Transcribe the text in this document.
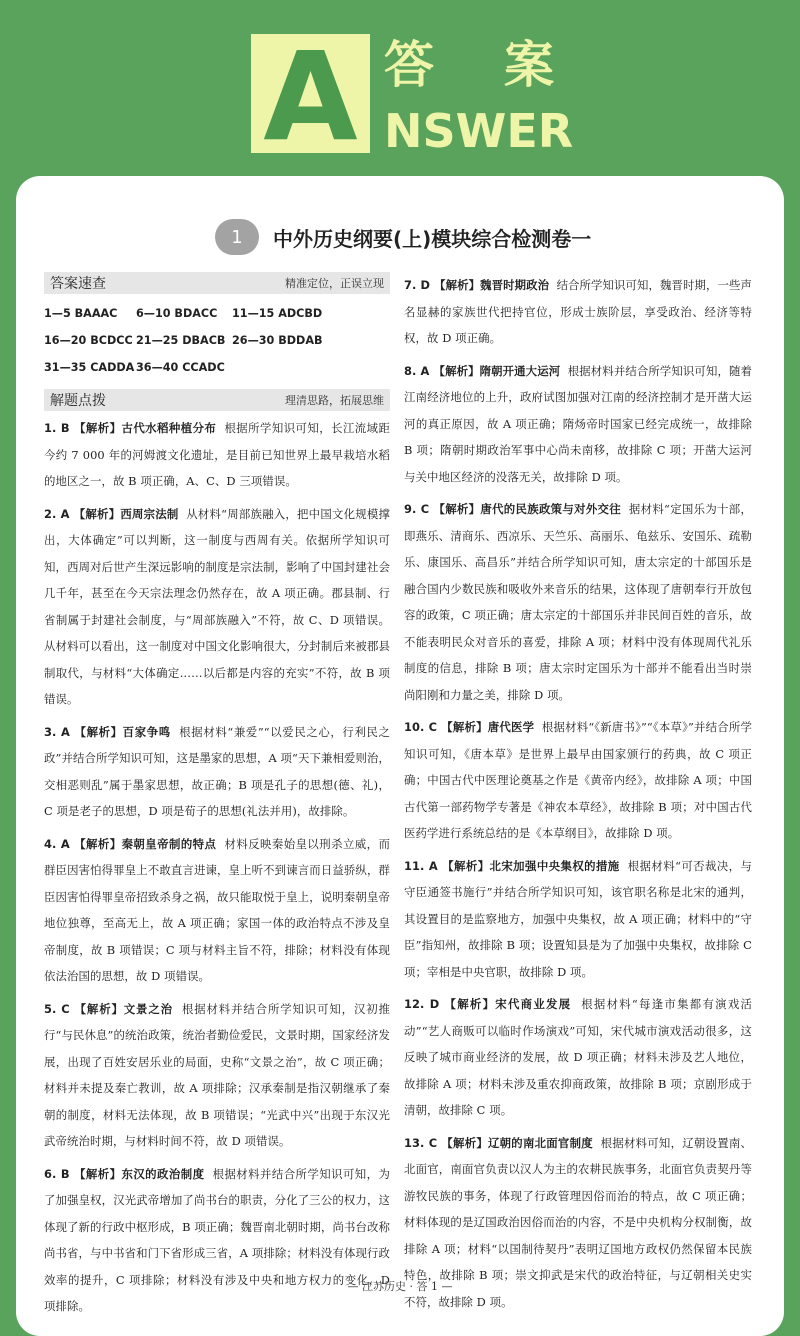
A 答 案
NSWER
1	中外历史纲要(上)模块综合检测卷一
答案速查	精准定位，正误立现
1—5 BAAAC	6—10 BDACC	11—15 ADCBD
16—20 BCDCC 21—25 DBACB 26—30 BDDAB
31—35 CADDA 36—40 CCADC
解题点拨	理清思路，拓展思维
1. B 【解析】古代水稻种植分布 根据所学知识可知，长江流域距今约 7 000 年的河姆渡文化遗址，是目前已知世界上最早栽培水稻的地区之一，故 B 项正确，A、C、D 三项错误。
2. A 【解析】西周宗法制 从材料“周部族融入，把中国文化规模撑出，大体确定”可以判断，这一制度与西周有关。依据所学知识可知，西周对后世产生深远影响的制度是宗法制，影响了中国封建社会几千年，甚至在今天宗法理念仍然存在，故 A 项正确。郡县制、行省制属于封建社会制度，与“周部族融入”不符，故 C、D 项错误。从材料可以看出，这一制度对中国文化影响很大，分封制后来被郡县制取代，与材料“大体确定……以后都是内容的充实”不符，故 B 项错误。
3. A 【解析】百家争鸣 根据材料“兼爱”“以爱民之心，行利民之政”并结合所学知识可知，这是墨家的思想，A 项“天下兼相爱则治，交相恶则乱”属于墨家思想，故正确；B 项是孔子的思想(德、礼)，C 项是老子的思想，D 项是荀子的思想(礼法并用)，故排除。
4. A 【解析】秦朝皇帝制的特点 材料反映秦始皇以刑杀立威，而群臣因害怕得罪皇上不敢直言进谏，皇上听不到谏言而日益骄纵，群臣因害怕得罪皇帝招致杀身之祸，故只能取悦于皇上，说明秦朝皇帝地位独尊，至高无上，故 A 项正确；家国一体的政治特点不涉及皇帝制度，故 B 项错误；C 项与材料主旨不符，排除；材料没有体现依法治国的思想，故 D 项错误。
5. C 【解析】文景之治 根据材料并结合所学知识可知，汉初推行“与民休息”的统治政策，统治者勤俭爱民，文景时期，国家经济发展，出现了百姓安居乐业的局面，史称“文景之治”，故 C 项正确；材料并未提及秦亡教训，故 A 项排除；汉承秦制是指汉朝继承了秦朝的制度，材料无法体现，故 B 项错误；“光武中兴”出现于东汉光武帝统治时期，与材料时间不符，故 D 项错误。
6. B 【解析】东汉的政治制度 根据材料并结合所学知识可知，为了加强皇权，汉光武帝增加了尚书台的职责，分化了三公的权力，这体现了新的行政中枢形成，B 项正确；魏晋南北朝时期，尚书台改称尚书省，与中书省和门下省形成三省，A 项排除；材料没有体现行政效率的提升，C 项排除；材料没有涉及中央和地方权力的变化，D 项排除。
7. D 【解析】魏晋时期政治 结合所学知识可知，魏晋时期，一些声名显赫的家族世代把持官位，形成士族阶层，享受政治、经济等特权，故 D 项正确。
8. A 【解析】隋朝开通大运河 根据材料并结合所学知识可知，随着江南经济地位的上升，政府试图加强对江南的经济控制才是开凿大运河的真正原因，故 A 项正确；隋炀帝时国家已经完成统一，故排除 B 项；隋朝时期政治军事中心尚未南移，故排除 C 项；开凿大运河与关中地区经济的没落无关，故排除 D 项。
9. C 【解析】唐代的民族政策与对外交往 据材料“定国乐为十部，即燕乐、清商乐、西凉乐、天竺乐、高丽乐、龟兹乐、安国乐、疏勒乐、康国乐、高昌乐”并结合所学知识可知，唐太宗定的十部国乐是融合国内少数民族和吸收外来音乐的结果，这体现了唐朝奉行开放包容的政策，C 项正确；唐太宗定的十部国乐并非民间百姓的音乐，故不能表明民众对音乐的喜爱，排除 A 项；材料中没有体现周代礼乐制度的信息，排除 B 项；唐太宗时定国乐为十部并不能看出当时崇尚阳刚和力量之美，排除 D 项。
10. C 【解析】唐代医学 根据材料“《新唐书》”“《本草》”并结合所学知识可知，《唐本草》是世界上最早由国家颁行的药典，故 C 项正确；中国古代中医理论奠基之作是《黄帝内经》，故排除 A 项；中国古代第一部药物学专著是《神农本草经》，故排除 B 项；对中国古代医药学进行系统总结的是《本草纲目》，故排除 D 项。
11. A 【解析】北宋加强中央集权的措施 根据材料“可否裁决，与守臣通签书施行”并结合所学知识可知，该官职名称是北宋的通判，其设置目的是监察地方，加强中央集权，故 A 项正确；材料中的“守臣”指知州，故排除 B 项；设置知县是为了加强中央集权，故排除 C 项；宰相是中央官职，故排除 D 项。
12. D 【解析】宋代商业发展 根据材料“每逢市集都有演戏活动”“艺人商贩可以临时作场演戏”可知，宋代城市演戏活动很多，这反映了城市商业经济的发展，故 D 项正确；材料未涉及艺人地位，故排除 A 项；材料未涉及重农抑商政策，故排除 B 项；京剧形成于清朝，故排除 C 项。
13. C 【解析】辽朝的南北面官制度 根据材料可知，辽朝设置南、北面官，南面官负责以汉人为主的农耕民族事务，北面官负责契丹等游牧民族的事务，体现了行政管理因俗而治的特点，故 C 项正确；材料体现的是辽国政治因俗而治的内容，不是中央机构分权制衡，故排除 A 项；材料“以国制待契丹”表明辽国地方政权仍然保留本民族特色，故排除 B 项；崇文抑武是宋代的政治特征，与辽朝相关史实不符，故排除 D 项。
— 江苏历史 · 答 1 —
